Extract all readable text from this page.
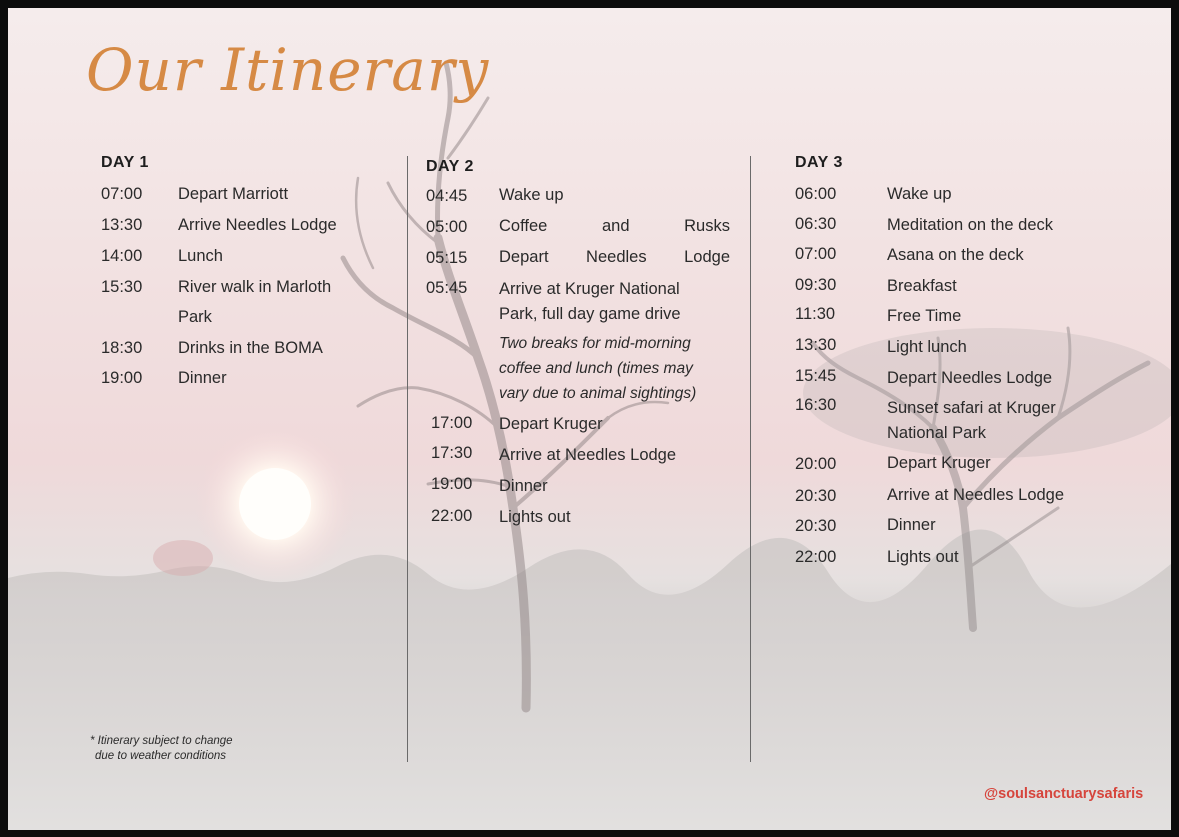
Our Itinerary
DAY 1
07:00 Depart Marriott
13:30 Arrive Needles Lodge
14:00 Lunch
15:30 River walk in Marloth
Park
18:30 Drinks in the BOMA
19:00 Dinner
DAY 2
04:45 Wake up
05:00 Coffee	and	Rusks
05:15 Depart Needles Lodge
05:45 Arrive at Kruger National
Park, full day game drive
Two breaks for mid-morning
coffee and lunch (times may
vary due to animal sightings)
17:00 Depart Kruger
17:30 Arrive at Needles Lodge
19:00 Dinner
22:00 Lights out
DAY 3
06:00	Wake up
06:30	Meditation on the deck
07:00	Asana on the deck
09:30	Breakfast
11:30	Free Time
13:30	Light lunch
15:45	Depart Needles Lodge
16:30	Sunset safari at Kruger
National Park
20:00	Depart Kruger
20:30	Arrive at Needles Lodge
20:30	Dinner
22:00	Lights out
* Itinerary subject to change
due to weather conditions
@soulsanctuarysafaris
